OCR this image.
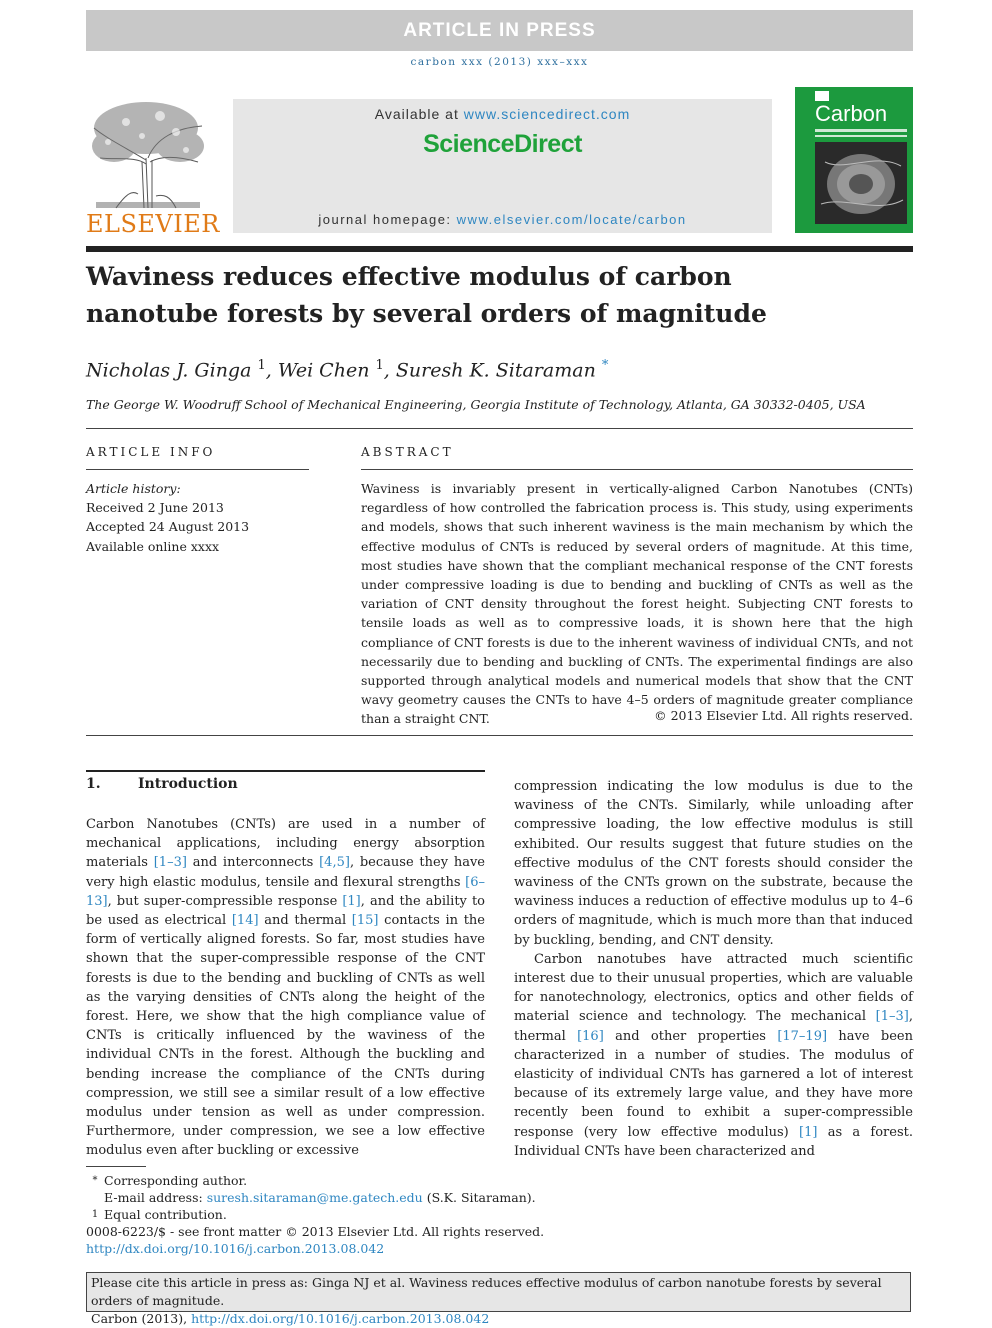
ARTICLE IN PRESS
carbon xxx (2013) xxx–xxx
ELSEVIER
Available at www.sciencedirect.com
ScienceDirect
journal homepage: www.elsevier.com/locate/carbon
Carbon
Waviness reduces effective modulus of carbon
nanotube forests by several orders of magnitude
Nicholas J. Ginga $^1$, Wei Chen $^1$, Suresh K. Sitaraman *
The George W. Woodruff School of Mechanical Engineering, Georgia Institute of Technology, Atlanta, GA 30332-0405, USA
ARTICLE INFO
Article history:
Received 2 June 2013
Accepted 24 August 2013
Available online xxxx
ABSTRACT
Waviness is invariably present in vertically-aligned Carbon Nanotubes (CNTs) regardless of how controlled the fabrication process is. This study, using experiments and models, shows that such inherent waviness is the main mechanism by which the effective modulus of CNTs is reduced by several orders of magnitude. At this time, most studies have shown that the compliant mechanical response of the CNT forests under compressive loading is due to bending and buckling of CNTs as well as the variation of CNT density throughout the forest height. Subjecting CNT forests to tensile loads as well as to compressive loads, it is shown here that the high compliance of CNT forests is due to the inherent waviness of individual CNTs, and not necessarily due to bending and buckling of CNTs. The experimental findings are also supported through analytical models and numerical models that show that the CNT wavy geometry causes the CNTs to have 4–5 orders of magnitude greater compliance than a straight CNT.	© 2013 Elsevier Ltd. All rights reserved.
1.	Introduction

Carbon Nanotubes (CNTs) are used in a number of mechanical applications, including energy absorption materials [1–3] and interconnects [4,5], because they have very high elastic modulus, tensile and flexural strengths [6–13], but super-compressible response [1], and the ability to be used as electrical [14] and thermal [15] contacts in the form of vertically aligned forests. So far, most studies have shown that the super-compressible response of the CNT forests is due to the bending and buckling of CNTs as well as the varying densities of CNTs along the height of the forest. Here, we show that the high compliance value of CNTs is critically influenced by the waviness of the individual CNTs in the forest. Although the buckling and bending increase the compliance of the CNTs during compression, we still see a similar result of a low effective modulus under tension as well as under compression. Furthermore, under compression, we see a low effective modulus even after buckling or excessive

compression indicating the low modulus is due to the waviness of the CNTs. Similarly, while unloading after compressive loading, the low effective modulus is still exhibited. Our results suggest that future studies on the effective modulus of the CNT forests should consider the waviness of the CNTs grown on the substrate, because the waviness induces a reduction of effective modulus up to 4–6 orders of magnitude, which is much more than that induced by buckling, bending, and CNT density.

Carbon nanotubes have attracted much scientific interest due to their unusual properties, which are valuable for nanotechnology, electronics, optics and other fields of material science and technology. The mechanical [1–3], thermal [16] and other properties [17–19] have been characterized in a number of studies. The modulus of elasticity of individual CNTs has garnered a lot of interest because of its extremely large value, and they have more recently been found to exhibit a super-compressible response (very low effective modulus) [1] as a forest. Individual CNTs have been characterized and

* Corresponding author.
E-mail address: suresh.sitaraman@me.gatech.edu (S.K. Sitaraman).
1 Equal contribution.
0008-6223/$ - see front matter © 2013 Elsevier Ltd. All rights reserved.
http://dx.doi.org/10.1016/j.carbon.2013.08.042
Please cite this article in press as: Ginga NJ et al. Waviness reduces effective modulus of carbon nanotube forests by several orders of magnitude.
Carbon (2013), http://dx.doi.org/10.1016/j.carbon.2013.08.042
